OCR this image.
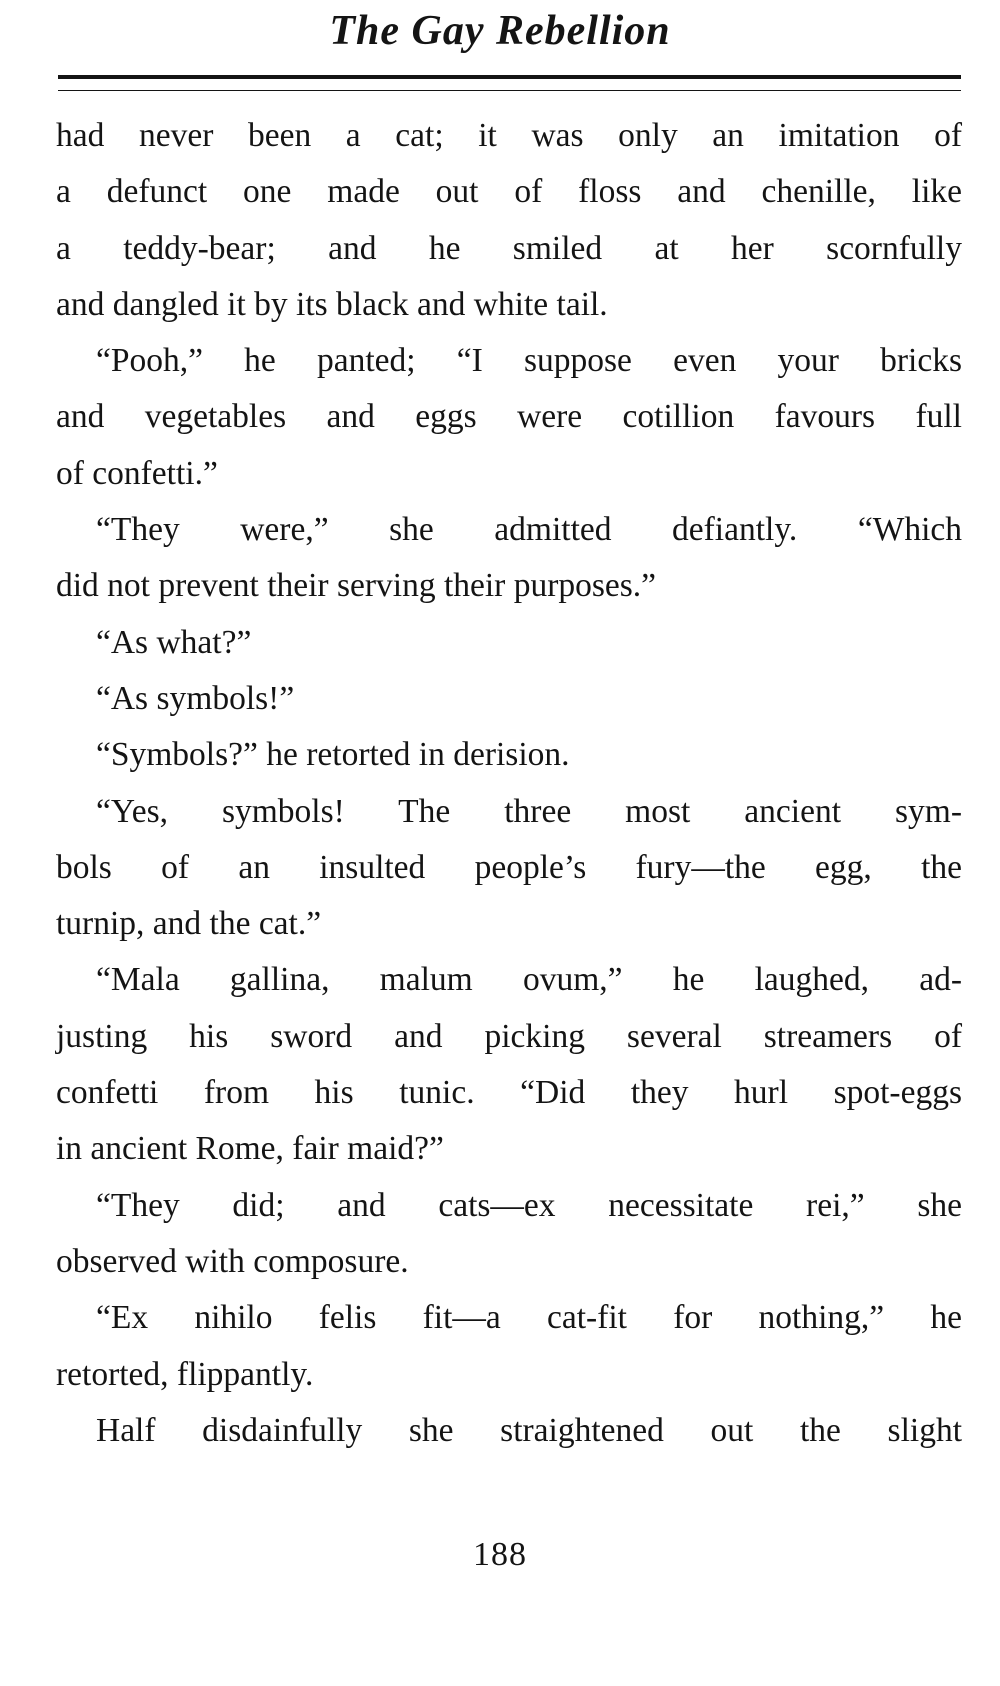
The Gay Rebellion
had never been a cat; it was only an imitation of
a defunct one made out of floss and chenille, like
a teddy-bear; and he smiled at her scornfully
and dangled it by its black and white tail.
“Pooh,” he panted; “I suppose even your bricks
and vegetables and eggs were cotillion favours full
of confetti.”
“They were,” she admitted defiantly. “Which
did not prevent their serving their purposes.”
“As what?”
“As symbols!”
“Symbols?” he retorted in derision.
“Yes, symbols! The three most ancient sym-
bols of an insulted people’s fury—the egg, the
turnip, and the cat.”
“Mala gallina, malum ovum,” he laughed, ad-
justing his sword and picking several streamers of
confetti from his tunic. “Did they hurl spot-eggs
in ancient Rome, fair maid?”
“They did; and cats—ex necessitate rei,” she
observed with composure.
“Ex nihilo felis fit—a cat-fit for nothing,” he
retorted, flippantly.
Half disdainfully she straightened out the slight
188
